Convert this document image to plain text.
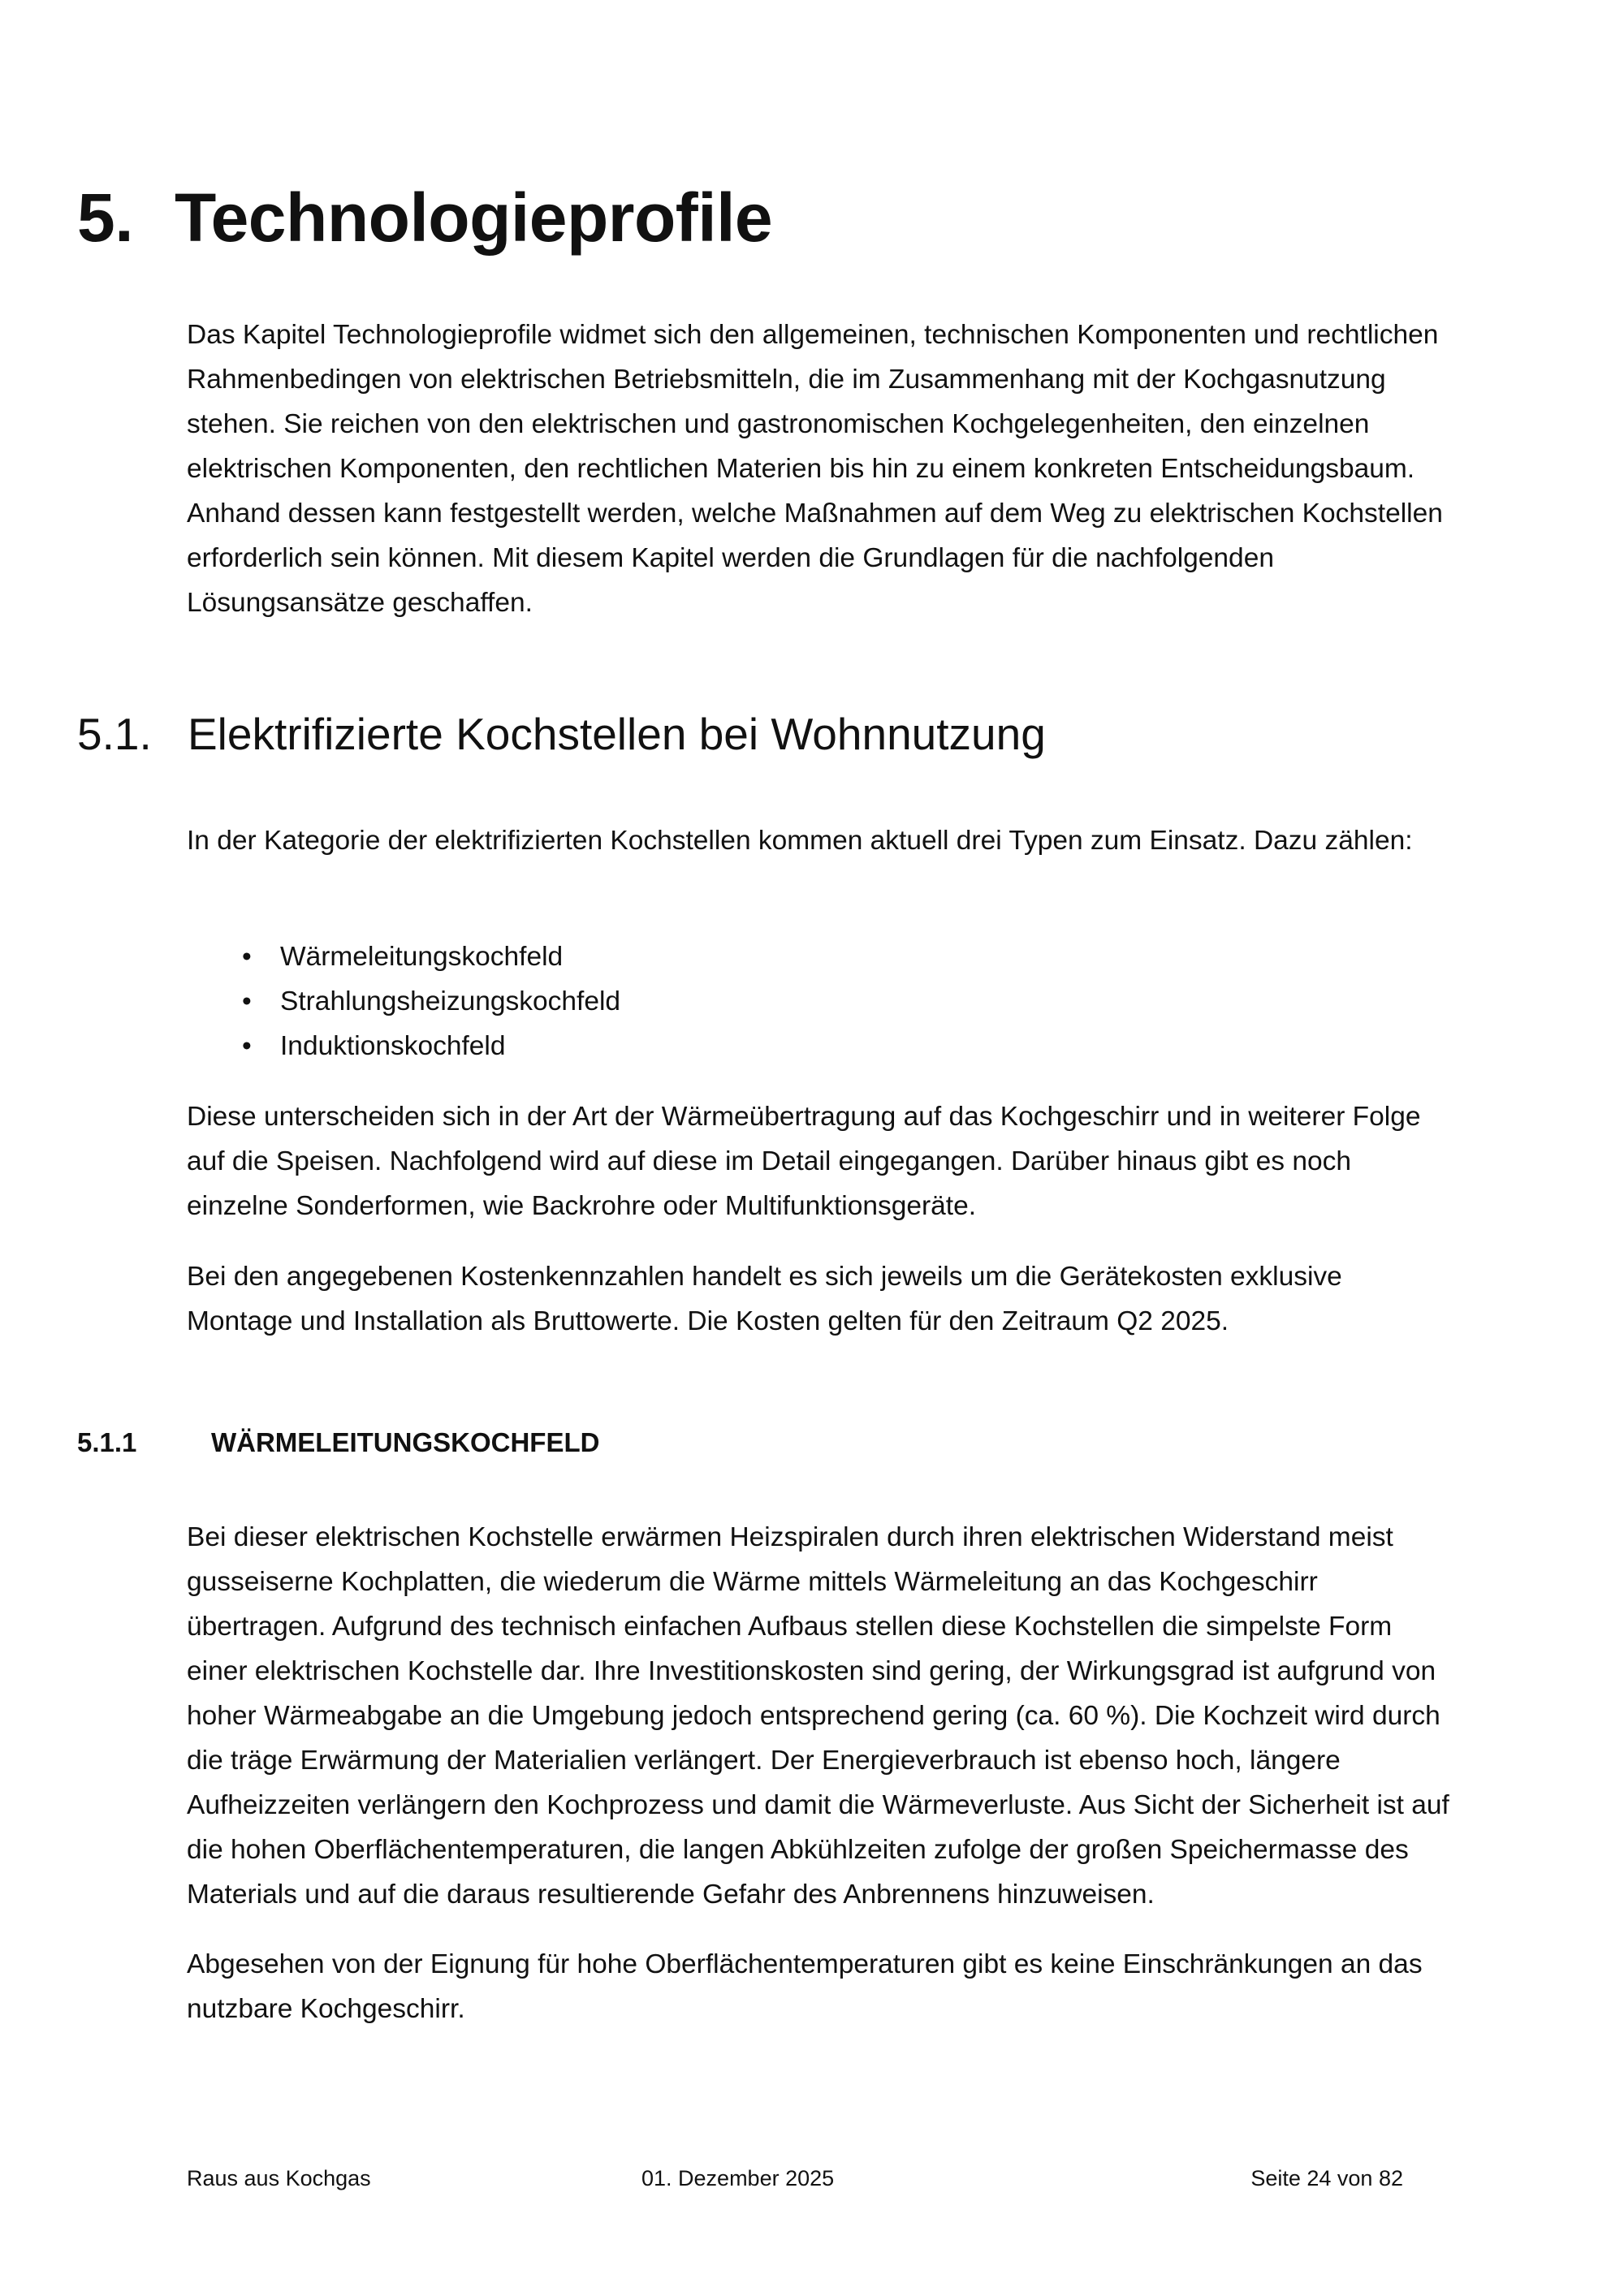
5. Technologieprofile

Das Kapitel Technologieprofile widmet sich den allgemeinen, technischen Komponenten und rechtlichen Rahmenbedingen von elektrischen Betriebsmitteln, die im Zusammenhang mit der Kochgasnutzung stehen. Sie reichen von den elektrischen und gastronomischen Kochgelegenheiten, den einzelnen elektrischen Komponenten, den rechtlichen Materien bis hin zu einem konkreten Entscheidungsbaum. Anhand dessen kann festgestellt werden, welche Maßnahmen auf dem Weg zu elektrischen Kochstellen erforderlich sein können. Mit diesem Kapitel werden die Grundlagen für die nachfolgenden Lösungsansätze geschaffen.

5.1. Elektrifizierte Kochstellen bei Wohnnutzung

In der Kategorie der elektrifizierten Kochstellen kommen aktuell drei Typen zum Einsatz. Dazu zählen:

• Wärmeleitungskochfeld
• Strahlungsheizungskochfeld
• Induktionskochfeld

Diese unterscheiden sich in der Art der Wärmeübertragung auf das Kochgeschirr und in weiterer Folge auf die Speisen. Nachfolgend wird auf diese im Detail eingegangen. Darüber hinaus gibt es noch einzelne Sonderformen, wie Backrohre oder Multifunktionsgeräte.

Bei den angegebenen Kostenkennzahlen handelt es sich jeweils um die Gerätekosten exklusive Montage und Installation als Bruttowerte. Die Kosten gelten für den Zeitraum Q2 2025.

5.1.1	WÄRMELEITUNGSKOCHFELD

Bei dieser elektrischen Kochstelle erwärmen Heizspiralen durch ihren elektrischen Widerstand meist gusseiserne Kochplatten, die wiederum die Wärme mittels Wärmeleitung an das Kochgeschirr übertragen. Aufgrund des technisch einfachen Aufbaus stellen diese Kochstellen die simpelste Form einer elektrischen Kochstelle dar. Ihre Investitionskosten sind gering, der Wirkungsgrad ist aufgrund von hoher Wärmeabgabe an die Umgebung jedoch entsprechend gering (ca. 60 %). Die Kochzeit wird durch die träge Erwärmung der Materialien verlängert. Der Energieverbrauch ist ebenso hoch, längere Aufheizzeiten verlängern den Kochprozess und damit die Wärmeverluste. Aus Sicht der Sicherheit ist auf die hohen Oberflächentemperaturen, die langen Abkühlzeiten zufolge der großen Speichermasse des Materials und auf die daraus resultierende Gefahr des Anbrennens hinzuweisen.

Abgesehen von der Eignung für hohe Oberflächentemperaturen gibt es keine Einschränkungen an das nutzbare Kochgeschirr.

Raus aus Kochgas	01. Dezember 2025	Seite 24 von 82
